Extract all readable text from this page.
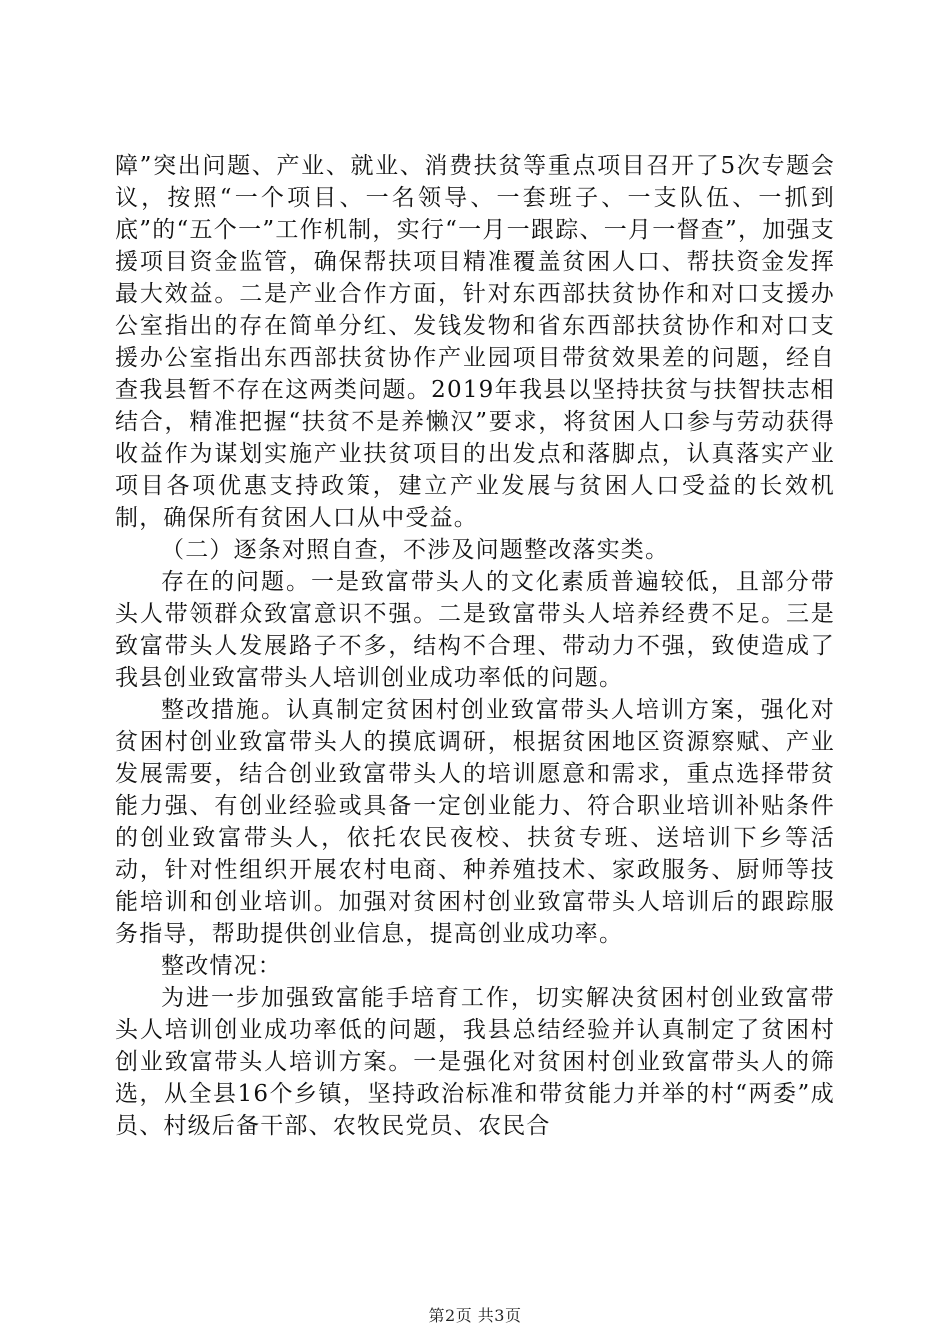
障”突出问题、产业、就业、消费扶贫等重点项目召开了5次专题会议，按照“一个项目、一名领导、一套班子、一支队伍、一抓到底”的“五个一”工作机制，实行“一月一跟踪、一月一督查”，加强支援项目资金监管，确保帮扶项目精准覆盖贫困人口、帮扶资金发挥最大效益。二是产业合作方面，针对东西部扶贫协作和对口支援办公室指出的存在简单分红、发钱发物和省东西部扶贫协作和对口支援办公室指出东西部扶贫协作产业园项目带贫效果差的问题，经自查我县暂不存在这两类问题。2019年我县以坚持扶贫与扶智扶志相结合，精准把握“扶贫不是养懒汉”要求，将贫困人口参与劳动获得收益作为谋划实施产业扶贫项目的出发点和落脚点，认真落实产业项目各项优惠支持政策，建立产业发展与贫困人口受益的长效机制，确保所有贫困人口从中受益。

（二）逐条对照自查，不涉及问题整改落实类。

存在的问题。一是致富带头人的文化素质普遍较低，且部分带头人带领群众致富意识不强。二是致富带头人培养经费不足。三是致富带头人发展路子不多，结构不合理、带动力不强，致使造成了我县创业致富带头人培训创业成功率低的问题。

整改措施。认真制定贫困村创业致富带头人培训方案，强化对贫困村创业致富带头人的摸底调研，根据贫困地区资源察赋、产业发展需要，结合创业致富带头人的培训愿意和需求，重点选择带贫能力强、有创业经验或具备一定创业能力、符合职业培训补贴条件的创业致富带头人，依托农民夜校、扶贫专班、送培训下乡等活动，针对性组织开展农村电商、种养殖技术、家政服务、厨师等技能培训和创业培训。加强对贫困村创业致富带头人培训后的跟踪服务指导，帮助提供创业信息，提高创业成功率。

整改情况：

为进一步加强致富能手培育工作，切实解决贫困村创业致富带头人培训创业成功率低的问题，我县总结经验并认真制定了贫困村创业致富带头人培训方案。一是强化对贫困村创业致富带头人的筛选，从全县16个乡镇，坚持政治标准和带贫能力并举的村“两委”成员、村级后备干部、农牧民党员、农民合

第2页 共3页
